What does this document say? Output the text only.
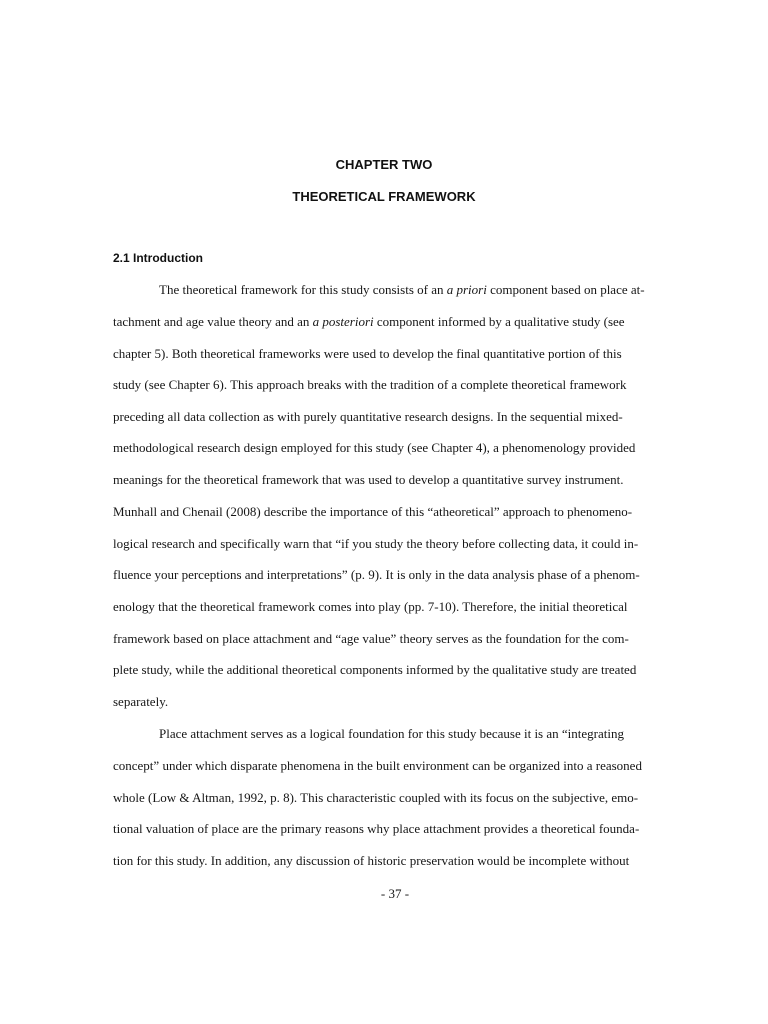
CHAPTER TWO
THEORETICAL FRAMEWORK
2.1 Introduction
The theoretical framework for this study consists of an a priori component based on place at-
tachment and age value theory and an a posteriori component informed by a qualitative study (see
chapter 5). Both theoretical frameworks were used to develop the final quantitative portion of this
study (see Chapter 6). This approach breaks with the tradition of a complete theoretical framework
preceding all data collection as with purely quantitative research designs. In the sequential mixed-
methodological research design employed for this study (see Chapter 4), a phenomenology provided
meanings for the theoretical framework that was used to develop a quantitative survey instrument.
Munhall and Chenail (2008) describe the importance of this “atheoretical” approach to phenomeno-
logical research and specifically warn that “if you study the theory before collecting data, it could in-
fluence your perceptions and interpretations” (p. 9). It is only in the data analysis phase of a phenom-
enology that the theoretical framework comes into play (pp. 7-10). Therefore, the initial theoretical
framework based on place attachment and “age value” theory serves as the foundation for the com-
plete study, while the additional theoretical components informed by the qualitative study are treated
separately.
Place attachment serves as a logical foundation for this study because it is an “integrating
concept” under which disparate phenomena in the built environment can be organized into a reasoned
whole (Low & Altman, 1992, p. 8). This characteristic coupled with its focus on the subjective, emo-
tional valuation of place are the primary reasons why place attachment provides a theoretical founda-
tion for this study. In addition, any discussion of historic preservation would be incomplete without
- 37 -
